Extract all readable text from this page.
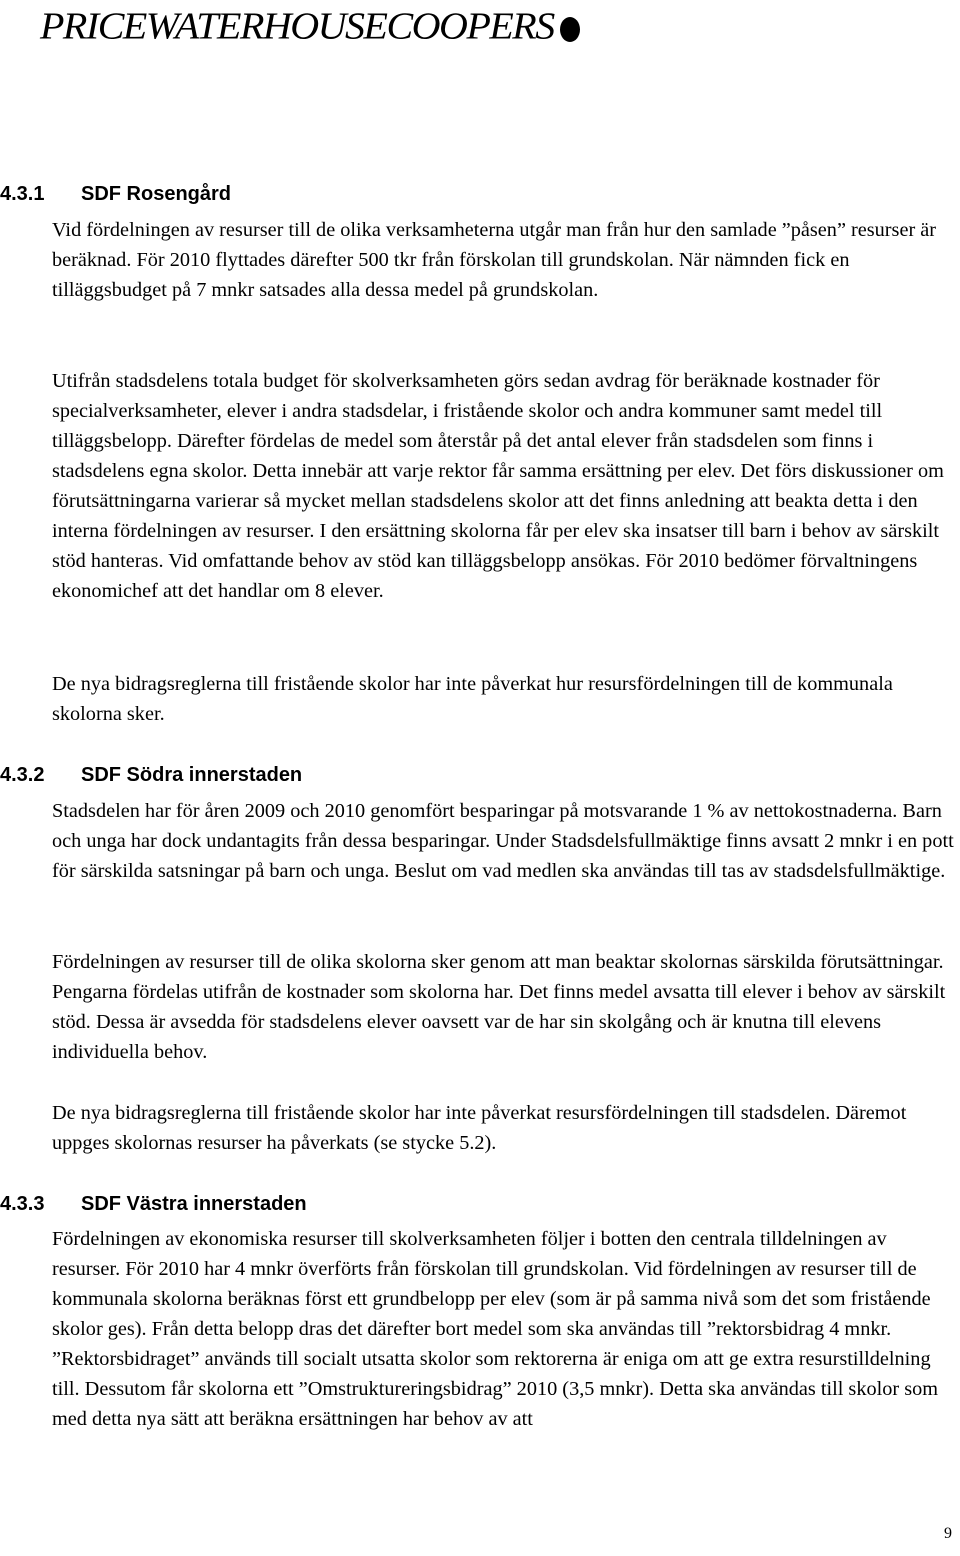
PRICEWATERHOUSECOOPERS
4.3.1 SDF Rosengård
Vid fördelningen av resurser till de olika verksamheterna utgår man från hur den samlade ”påsen” resurser är beräknad. För 2010 flyttades därefter 500 tkr från förskolan till grundskolan. När nämnden fick en tilläggsbudget på 7 mnkr satsades alla dessa medel på grundskolan.
Utifrån stadsdelens totala budget för skolverksamheten görs sedan avdrag för beräknade kostnader för specialverksamheter, elever i andra stadsdelar, i fristående skolor och andra kommuner samt medel till tilläggsbelopp. Därefter fördelas de medel som återstår på det antal elever från stadsdelen som finns i stadsdelens egna skolor. Detta innebär att varje rektor får samma ersättning per elev. Det förs diskussioner om förutsättningarna varierar så mycket mellan stadsdelens skolor att det finns anledning att beakta detta i den interna fördelningen av resurser. I den ersättning skolorna får per elev ska insatser till barn i behov av särskilt stöd hanteras. Vid omfattande behov av stöd kan tilläggsbelopp ansökas. För 2010 bedömer förvaltningens ekonomichef att det handlar om 8 elever.
De nya bidragsreglerna till fristående skolor har inte påverkat hur resursfördelningen till de kommunala skolorna sker.
4.3.2 SDF Södra innerstaden
Stadsdelen har för åren 2009 och 2010 genomfört besparingar på motsvarande 1 % av nettokostnaderna. Barn och unga har dock undantagits från dessa besparingar. Under Stadsdelsfullmäktige finns avsatt 2 mnkr i en pott för särskilda satsningar på barn och unga. Beslut om vad medlen ska användas till tas av stadsdelsfullmäktige.
Fördelningen av resurser till de olika skolorna sker genom att man beaktar skolornas särskilda förutsättningar. Pengarna fördelas utifrån de kostnader som skolorna har. Det finns medel avsatta till elever i behov av särskilt stöd. Dessa är avsedda för stadsdelens elever oavsett var de har sin skolgång och är knutna till elevens individuella behov.
De nya bidragsreglerna till fristående skolor har inte påverkat resursfördelningen till stadsdelen. Däremot uppges skolornas resurser ha påverkats (se stycke 5.2).
4.3.3 SDF Västra innerstaden
Fördelningen av ekonomiska resurser till skolverksamheten följer i botten den centrala tilldelningen av resurser. För 2010 har 4 mnkr överförts från förskolan till grundskolan. Vid fördelningen av resurser till de kommunala skolorna beräknas först ett grundbelopp per elev (som är på samma nivå som det som fristående skolor ges). Från detta belopp dras det därefter bort medel som ska användas till ”rektorsbidrag 4 mnkr. ”Rektorsbidraget” används till socialt utsatta skolor som rektorerna är eniga om att ge extra resurstilldelning till. Dessutom får skolorna ett ”Omstruktureringsbidrag” 2010 (3,5 mnkr). Detta ska användas till skolor som med detta nya sätt att beräkna ersättningen har behov av att
9
